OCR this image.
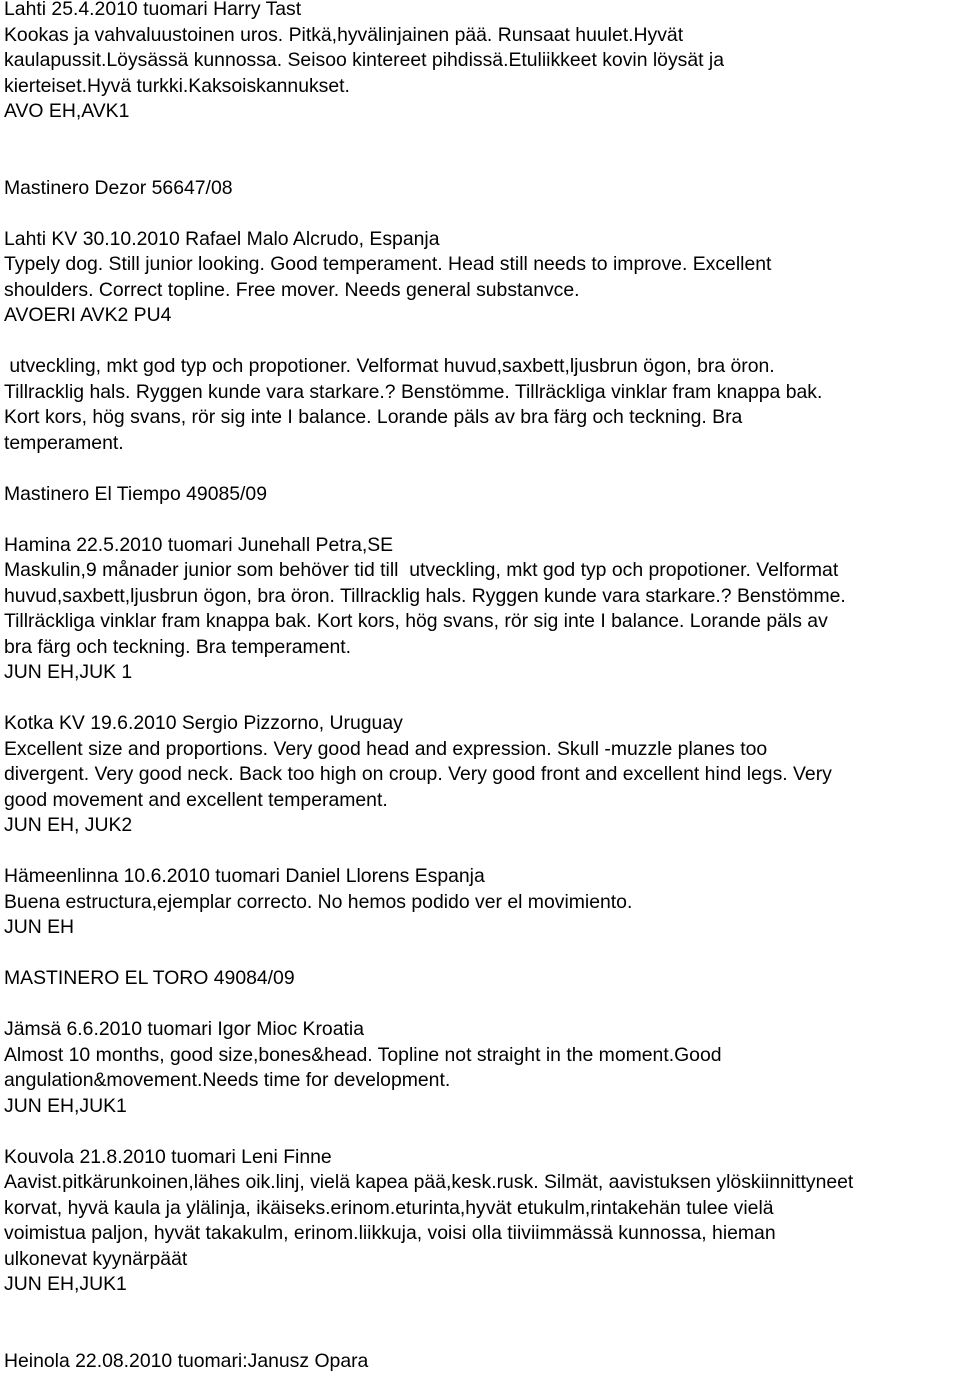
Lahti 25.4.2010 tuomari Harry Tast
Kookas ja vahvaluustoinen uros. Pitkä,hyvälinjainen pää. Runsaat huulet.Hyvät
kaulapussit.Löysässä kunnossa. Seisoo kintereet pihdissä.Etuliikkeet kovin löysät ja
kierteiset.Hyvä turkki.Kaksoiskannukset.
AVO EH,AVK1
Mastinero Dezor 56647/08
Lahti KV 30.10.2010 Rafael Malo Alcrudo, Espanja
Typely dog. Still junior looking. Good temperament. Head still needs to improve. Excellent
shoulders. Correct topline. Free mover. Needs general substanvce.
AVOERI AVK2 PU4
utveckling, mkt god typ och propotioner. Velformat huvud,saxbett,ljusbrun ögon, bra öron.
Tillracklig hals. Ryggen kunde vara starkare.? Benstömme. Tillräckliga vinklar fram knappa bak.
Kort kors, hög svans, rör sig inte I balance. Lorande päls av bra färg och teckning. Bra
temperament.
Mastinero El Tiempo 49085/09
Hamina 22.5.2010 tuomari Junehall Petra,SE
Maskulin,9 månader junior som behöver tid till  utveckling, mkt god typ och propotioner. Velformat
huvud,saxbett,ljusbrun ögon, bra öron. Tillracklig hals. Ryggen kunde vara starkare.? Benstömme.
Tillräckliga vinklar fram knappa bak. Kort kors, hög svans, rör sig inte I balance. Lorande päls av
bra färg och teckning. Bra temperament.
JUN EH,JUK 1
Kotka KV 19.6.2010 Sergio Pizzorno, Uruguay
Excellent size and proportions. Very good head and expression. Skull -muzzle planes too
divergent. Very good neck. Back too high on croup. Very good front and excellent hind legs. Very
good movement and excellent temperament.
JUN EH, JUK2
Hämeenlinna 10.6.2010 tuomari Daniel Llorens Espanja
Buena estructura,ejemplar correcto. No hemos podido ver el movimiento.
JUN EH
MASTINERO EL TORO 49084/09
Jämsä 6.6.2010 tuomari Igor Mioc Kroatia
Almost 10 months, good size,bones&head. Topline not straight in the moment.Good
angulation&movement.Needs time for development.
JUN EH,JUK1
Kouvola 21.8.2010 tuomari Leni Finne
Aavist.pitkärunkoinen,lähes oik.linj, vielä kapea pää,kesk.rusk. Silmät, aavistuksen ylöskiinnittyneet
korvat, hyvä kaula ja ylälinja, ikäiseks.erinom.eturinta,hyvät etukulm,rintakehän tulee vielä
voimistua paljon, hyvät takakulm, erinom.liikkuja, voisi olla tiiviimmässä kunnossa, hieman
ulkonevat kyynärpäät
JUN EH,JUK1
Heinola 22.08.2010 tuomari:Janusz Opara
